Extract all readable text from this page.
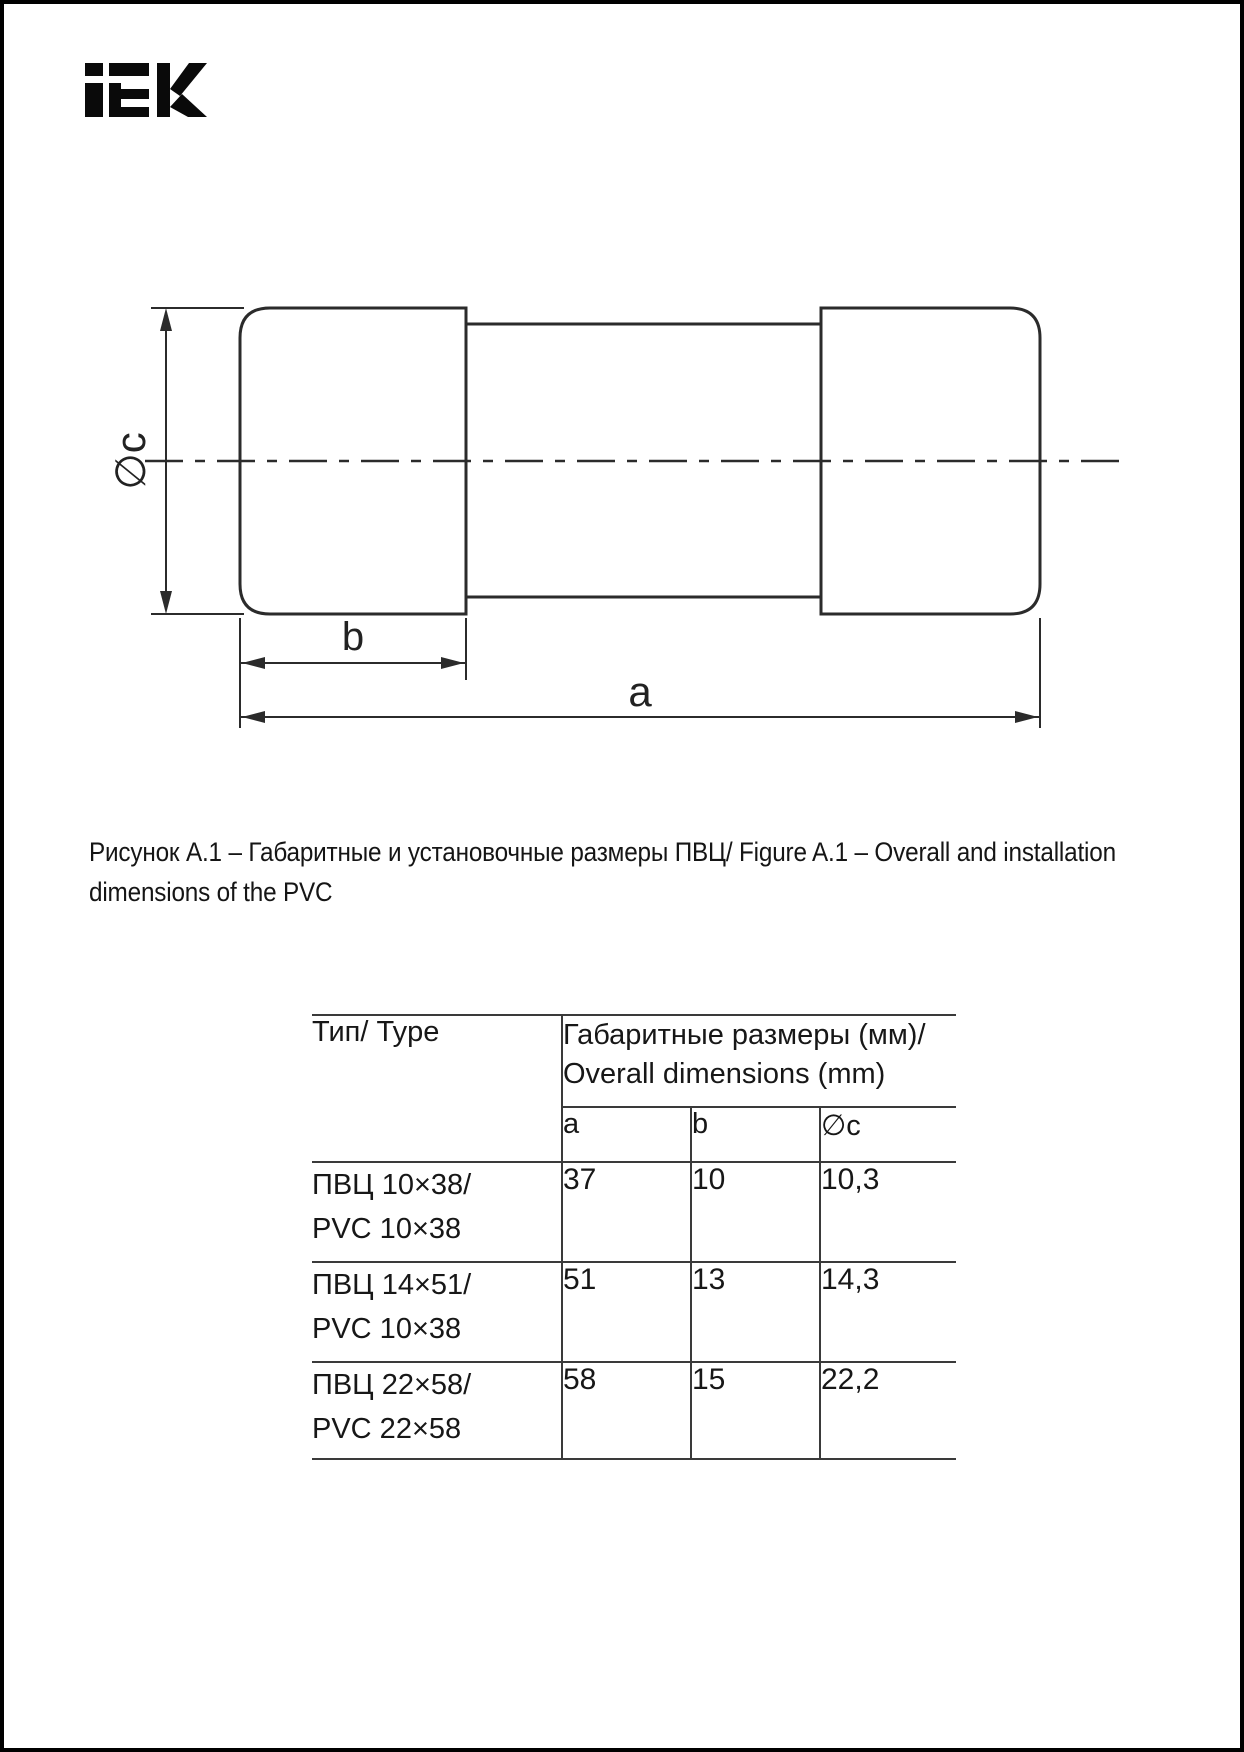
∅c
b
a
Рисунок А.1 – Габаритные и установочные размеры ПВЦ/ Figure A.1 – Overall and installation
dimensions of the PVC
Тип/ Type	Габаритные размеры (мм)/
Overall dimensions (mm)		

	a	b	∅c

ПВЦ 10×38/
PVC 10×38	37	10	10,3

ПВЦ 14×51/
PVC 10×38	51	13	14,3

ПВЦ 22×58/
PVC 22×58	58	15	22,2
